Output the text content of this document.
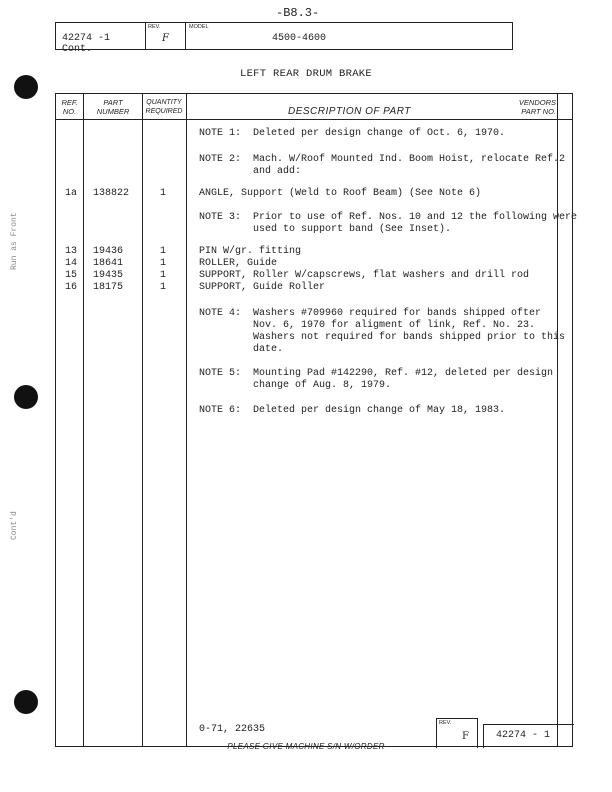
Run as Front
Cont'd
-B8.3-
42274 -1 Cont.
REV.
F
MODEL
4500-4600
LEFT REAR DRUM BRAKE
REF.
NO.
PART
NUMBER
QUANTITY
REQUIRED	DESCRIPTION OF PART
VENDORS
PART NO.
NOTE 1:  Deleted per design change of Oct. 6, 1970.
NOTE 2:  Mach. W/Roof Mounted Ind. Boom Hoist, relocate Ref.2
and add:
1a 138822	1	ANGLE, Support (Weld to Roof Beam) (See Note 6)
NOTE 3:  Prior to use of Ref. Nos. 10 and 12 the following were
used to support band (See Inset).
13 19436	1	PIN W/gr. fitting
14 18641	1	ROLLER, Guide
15 19435	1	SUPPORT, Roller W/capscrews, flat washers and drill rod
16 18175	1	SUPPORT, Guide Roller
NOTE 4:  Washers #709960 required for bands shipped ofter
Nov. 6, 1970 for aligment of link, Ref. No. 23.
Washers not required for bands shipped prior to this
date.
NOTE 5:  Mounting Pad #142290, Ref. #12, deleted per design
change of Aug. 8, 1979.
NOTE 6:  Deleted per design change of May 18, 1983.
0-71, 22635
REV.
F	42274 - 1
PLEASE GIVE MACHINE S/N W/ORDER
